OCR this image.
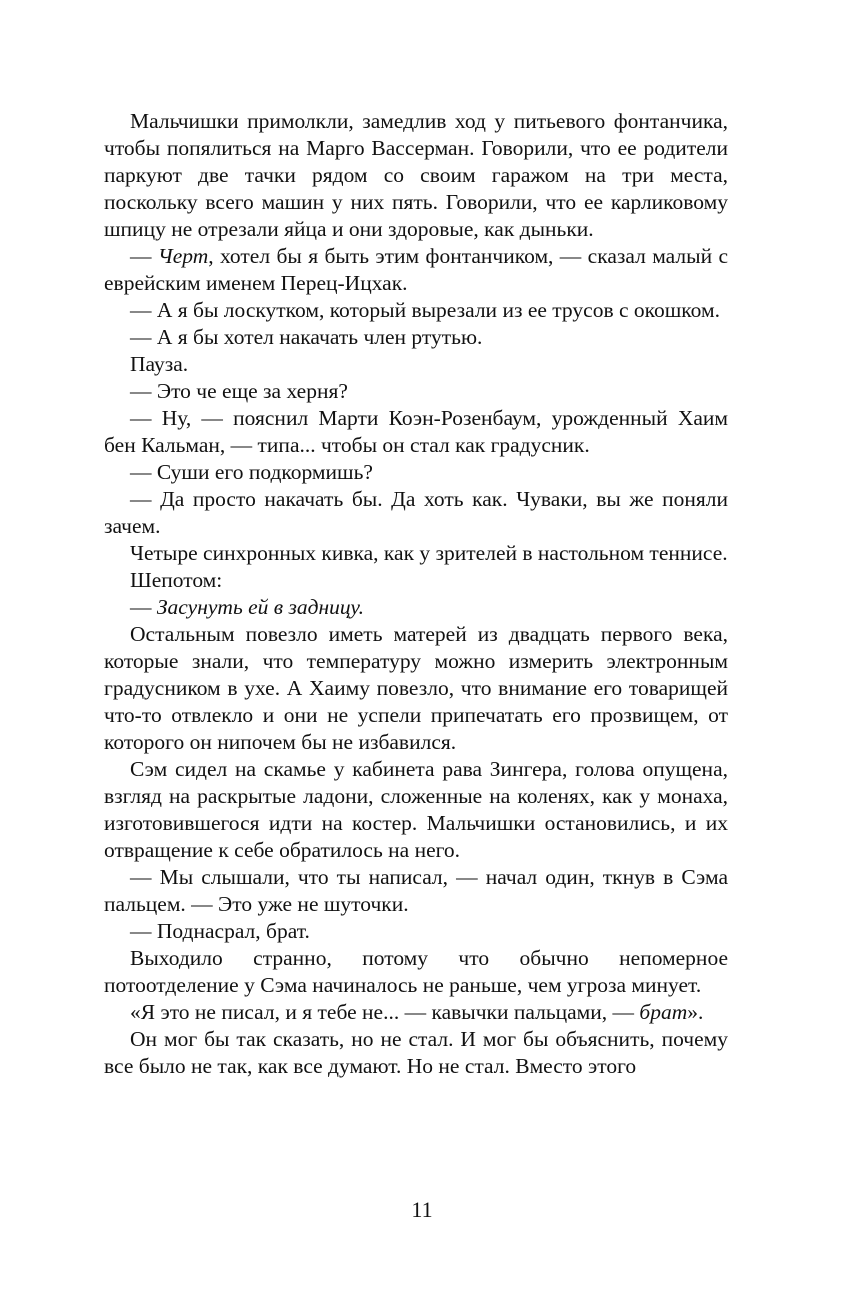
Мальчишки примолкли, замедлив ход у питьевого фонтанчика, чтобы попялиться на Марго Вассерман. Говорили, что ее родители паркуют две тачки рядом со своим гаражом на три места, поскольку всего машин у них пять. Говорили, что ее карликовому шпицу не отрезали яйца и они здоровые, как дыньки.

— Черт, хотел бы я быть этим фонтанчиком, — сказал малый с еврейским именем Перец-Ицхак.

— А я бы лоскутком, который вырезали из ее трусов с окошком.

— А я бы хотел накачать член ртутью.

Пауза.

— Это че еще за херня?

— Ну, — пояснил Марти Коэн-Розенбаум, урожденный Хаим бен Кальман, — типа... чтобы он стал как градусник.

— Суши его подкормишь?

— Да просто накачать бы. Да хоть как. Чуваки, вы же поняли зачем.

Четыре синхронных кивка, как у зрителей в настольном теннисе.

Шепотом:

— Засунуть ей в задницу.

Остальным повезло иметь матерей из двадцать первого века, которые знали, что температуру можно измерить электронным градусником в ухе. А Хаиму повезло, что внимание его товарищей что-то отвлекло и они не успели припечатать его прозвищем, от которого он нипочем бы не избавился.

Сэм сидел на скамье у кабинета рава Зингера, голова опущена, взгляд на раскрытые ладони, сложенные на коленях, как у монаха, изготовившегося идти на костер. Мальчишки остановились, и их отвращение к себе обратилось на него.

— Мы слышали, что ты написал, — начал один, ткнув в Сэма пальцем. — Это уже не шуточки.

— Поднасрал, брат.

Выходило странно, потому что обычно непомерное потоотделение у Сэма начиналось не раньше, чем угроза минует.

«Я это не писал, и я тебе не... — кавычки пальцами, — брат».

Он мог бы так сказать, но не стал. И мог бы объяснить, почему все было не так, как все думают. Но не стал. Вместо этого

11
